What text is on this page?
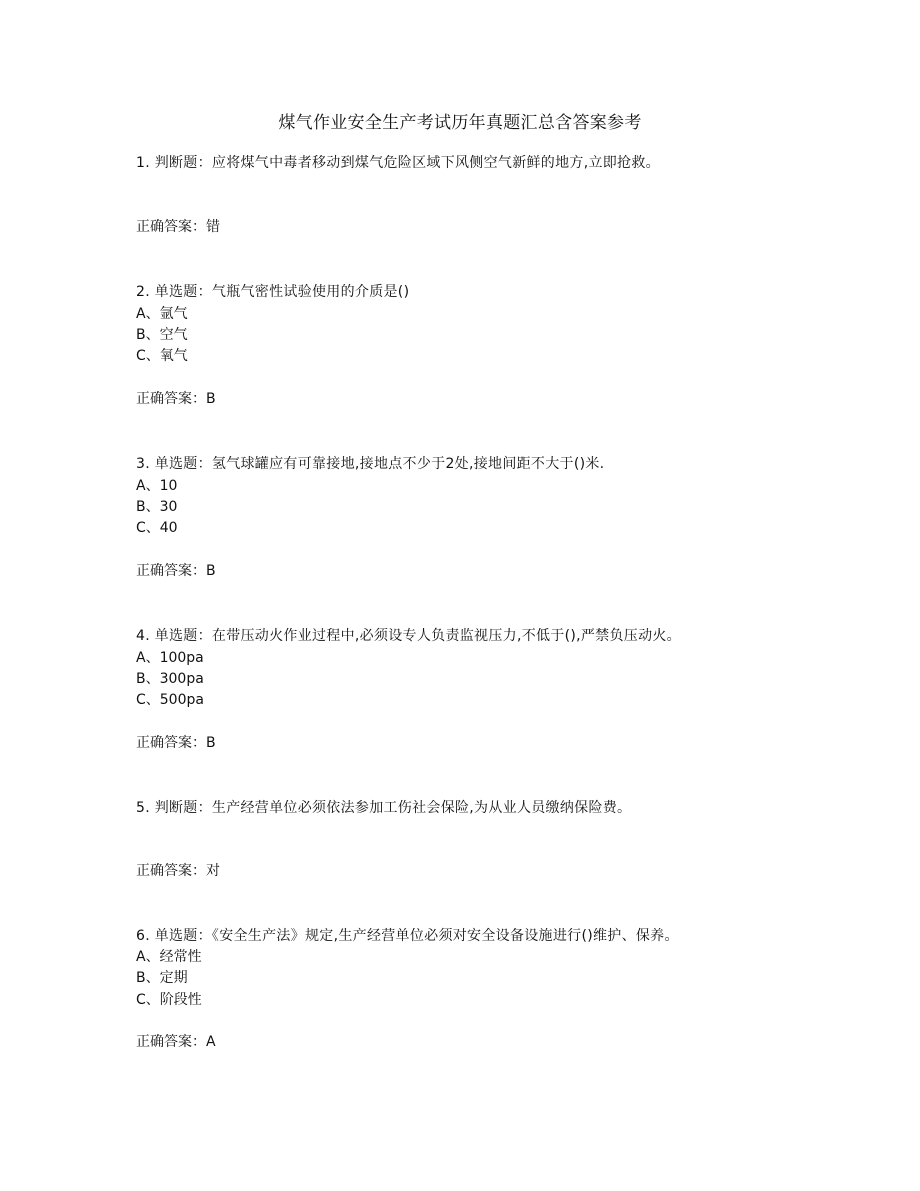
煤气作业安全生产考试历年真题汇总含答案参考
1. 判断题：应将煤气中毒者移动到煤气危险区域下风侧空气新鲜的地方,立即抢救。
正确答案：错
2. 单选题：气瓶气密性试验使用的介质是()
A、氩气
B、空气
C、氧气
正确答案：B
3. 单选题：氢气球罐应有可靠接地,接地点不少于2处,接地间距不大于()米.
A、10
B、30
C、40
正确答案：B
4. 单选题：在带压动火作业过程中,必须设专人负责监视压力,不低于(),严禁负压动火。
A、100pa
B、300pa
C、500pa
正确答案：B
5. 判断题：生产经营单位必须依法参加工伤社会保险,为从业人员缴纳保险费。
正确答案：对
6. 单选题：《安全生产法》规定,生产经营单位必须对安全设备设施进行()维护、保养。
A、经常性
B、定期
C、阶段性
正确答案：A
